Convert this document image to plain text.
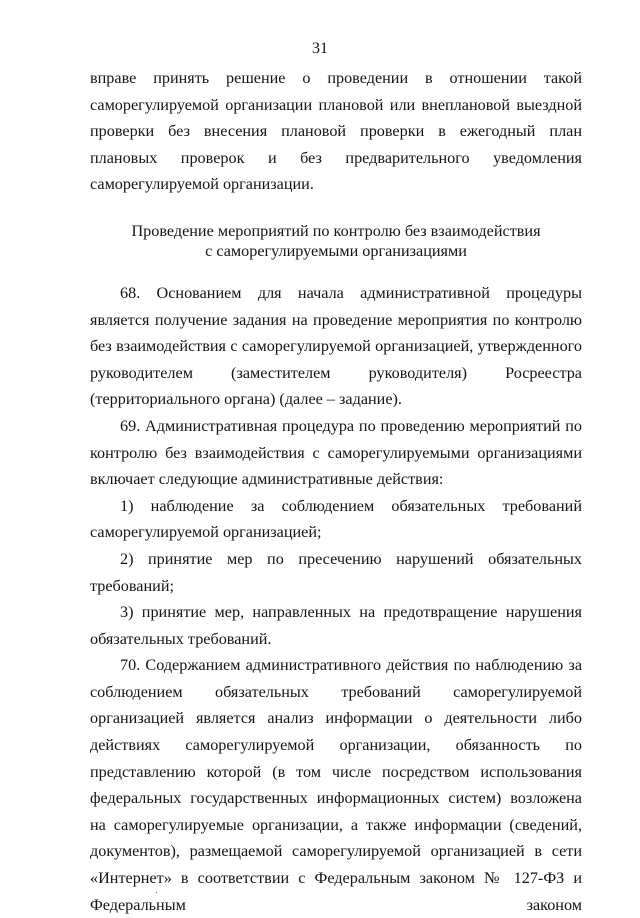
31

вправе принять решение о проведении в отношении такой саморегулируемой организации плановой или внеплановой выездной проверки без внесения плановой проверки в ежегодный план плановых проверок и без предварительного уведомления саморегулируемой организации.

Проведение мероприятий по контролю без взаимодействия
с саморегулируемыми организациями

68. Основанием для начала административной процедуры является получение задания на проведение мероприятия по контролю без взаимодействия с саморегулируемой организацией, утвержденного руководителем (заместителем руководителя) Росреестра (территориального органа) (далее – задание).

69. Административная процедура по проведению мероприятий по контролю без взаимодействия с саморегулируемыми организациями включает следующие административные действия:

1) наблюдение за соблюдением обязательных требований саморегулируемой организацией;

2) принятие мер по пресечению нарушений обязательных требований;

3) принятие мер, направленных на предотвращение нарушения обязательных требований.

70. Содержанием административного действия по наблюдению за соблюдением обязательных требований саморегулируемой организацией является анализ информации о деятельности либо действиях саморегулируемой организации, обязанность по представлению которой (в том числе посредством использования федеральных государственных информационных систем) возложена на саморегулируемые организации, а также информации (сведений, документов), размещаемой саморегулируемой организацией в сети «Интернет» в соответствии с Федеральным законом № 127-ФЗ и Федеральным законом
